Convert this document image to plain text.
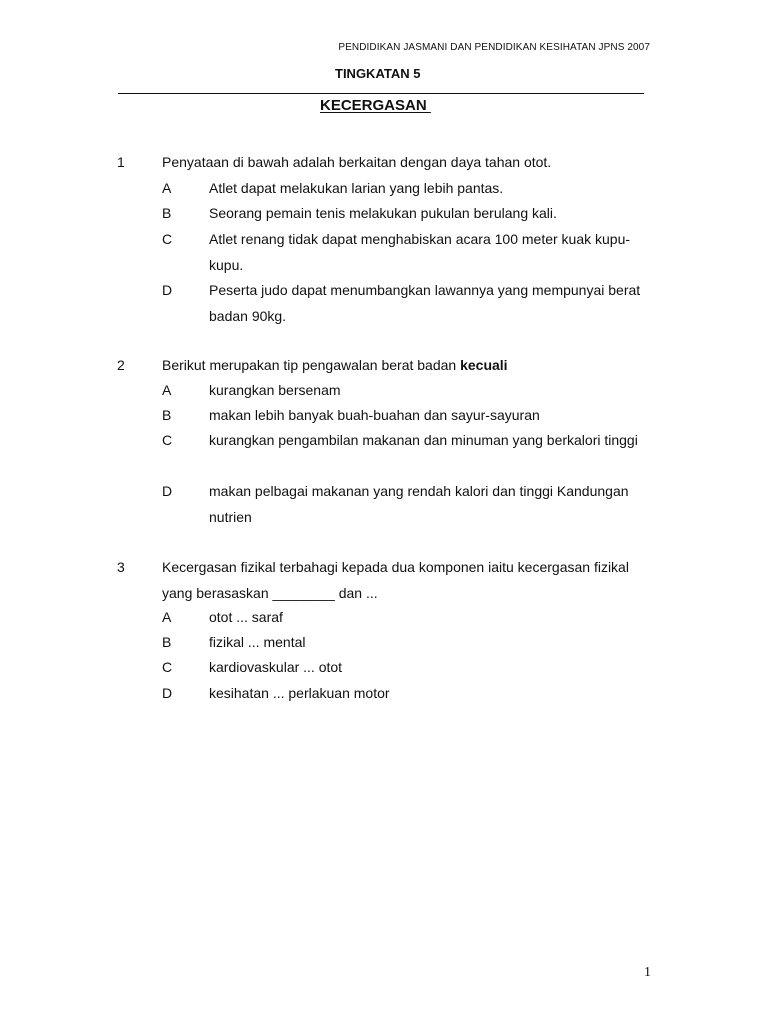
PENDIDIKAN JASMANI DAN PENDIDIKAN KESIHATAN JPNS 2007
TINGKATAN 5
KECERGASAN
1	Penyataan di bawah adalah berkaitan dengan daya tahan otot.
A	Atlet dapat melakukan larian yang lebih pantas.
B	Seorang pemain tenis melakukan pukulan berulang kali.
C	Atlet renang tidak dapat menghabiskan acara 100 meter kuak kupu-kupu.
D	Peserta judo dapat menumbangkan lawannya yang mempunyai berat badan 90kg.
2	Berikut merupakan tip pengawalan berat badan kecuali
A	kurangkan bersenam
B	makan lebih banyak buah-buahan dan sayur-sayuran
C	kurangkan pengambilan makanan dan minuman yang berkalori tinggi
D	makan pelbagai makanan yang rendah kalori dan tinggi Kandungan nutrien
3	Kecergasan fizikal terbahagi kepada dua komponen iaitu kecergasan fizikal yang berasaskan ________ dan ...
A	otot ... saraf
B	fizikal ... mental
C	kardiovaskular ... otot
D	kesihatan ... perlakuan motor
1
